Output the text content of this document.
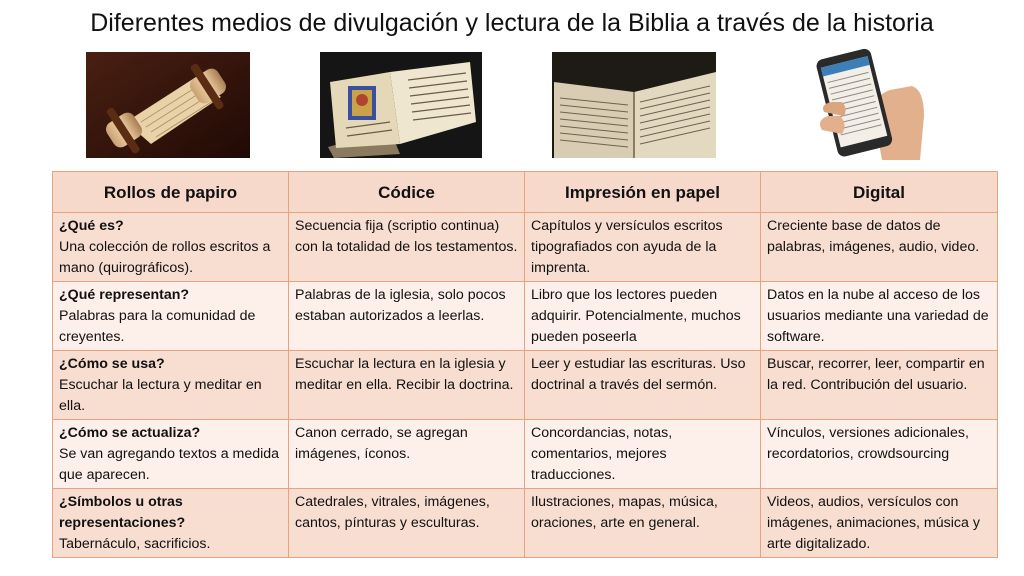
Diferentes medios de divulgación y lectura de la Biblia a través de la historia
Rollos de papiro	Códice	Impresión en papel	Digital

¿Qué es?
Una colección de rollos escritos a mano (quirográficos).	Secuencia fija (scriptio continua) con la totalidad de los testamentos.	Capítulos y versículos escritos tipografiados con ayuda de la imprenta.	Creciente base de datos de palabras, imágenes, audio, video.

¿Qué representan?
Palabras para la comunidad de creyentes.	Palabras de la iglesia, solo pocos estaban autorizados a leerlas.	Libro que los lectores pueden adquirir. Potencialmente, muchos pueden poseerla	Datos en la nube al acceso de los usuarios mediante una variedad de software.

¿Cómo se usa?
Escuchar la lectura y meditar en ella.	Escuchar la lectura en la iglesia y meditar en ella. Recibir la doctrina.	Leer y estudiar las escrituras. Uso doctrinal a través del sermón.	Buscar, recorrer, leer, compartir en la red. Contribución del usuario.

¿Cómo se actualiza?
Se van agregando textos a medida que aparecen.	Canon cerrado, se agregan imágenes, íconos.	Concordancias, notas, comentarios, mejores traducciones.	Vínculos, versiones adicionales, recordatorios, crowdsourcing

¿Símbolos u otras representaciones?
Tabernáculo, sacrificios.	Catedrales, vitrales, imágenes, cantos, pínturas y esculturas.	Ilustraciones, mapas, música, oraciones, arte en general.	Videos, audios, versículos con imágenes, animaciones, música y arte digitalizado.
